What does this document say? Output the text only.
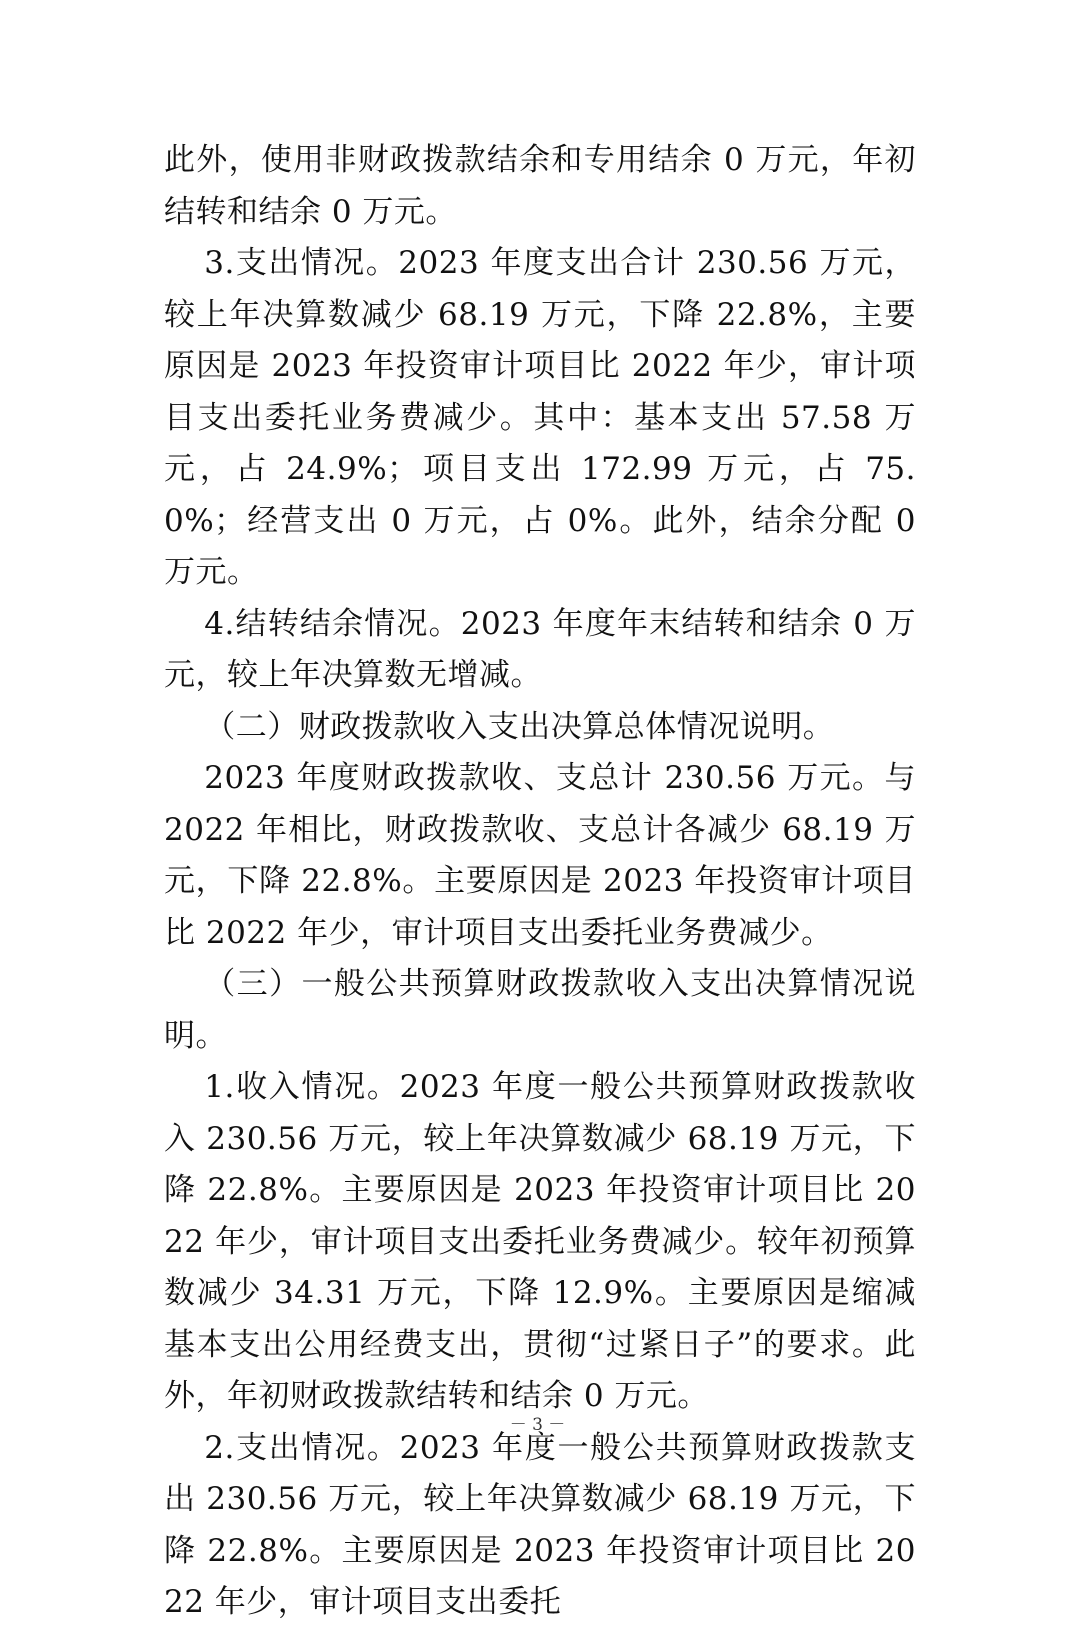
此外，使用非财政拨款结余和专用结余 0 万元，年初结转和结余 0 万元。

3.支出情况。2023 年度支出合计 230.56 万元，较上年决算数减少 68.19 万元，下降 22.8%，主要原因是 2023 年投资审计项目比 2022 年少，审计项目支出委托业务费减少。其中：基本支出 57.58 万元，占 24.9%；项目支出 172.99 万元，占 75.0%；经营支出 0 万元，占 0%。此外，结余分配 0 万元。

4.结转结余情况。2023 年度年末结转和结余 0 万元，较上年决算数无增减。

（二）财政拨款收入支出决算总体情况说明。

2023 年度财政拨款收、支总计 230.56 万元。与 2022 年相比，财政拨款收、支总计各减少 68.19 万元，下降 22.8%。主要原因是 2023 年投资审计项目比 2022 年少，审计项目支出委托业务费减少。

（三）一般公共预算财政拨款收入支出决算情况说明。

1.收入情况。2023 年度一般公共预算财政拨款收入 230.56 万元，较上年决算数减少 68.19 万元，下降 22.8%。主要原因是 2023 年投资审计项目比 2022 年少，审计项目支出委托业务费减少。较年初预算数减少 34.31 万元，下降 12.9%。主要原因是缩减基本支出公用经费支出，贯彻“过紧日子”的要求。此外，年初财政拨款结转和结余 0 万元。

2.支出情况。2023 年度一般公共预算财政拨款支出 230.56 万元，较上年决算数减少 68.19 万元，下降 22.8%。主要原因是 2023 年投资审计项目比 2022 年少，审计项目支出委托

－ 3 －
